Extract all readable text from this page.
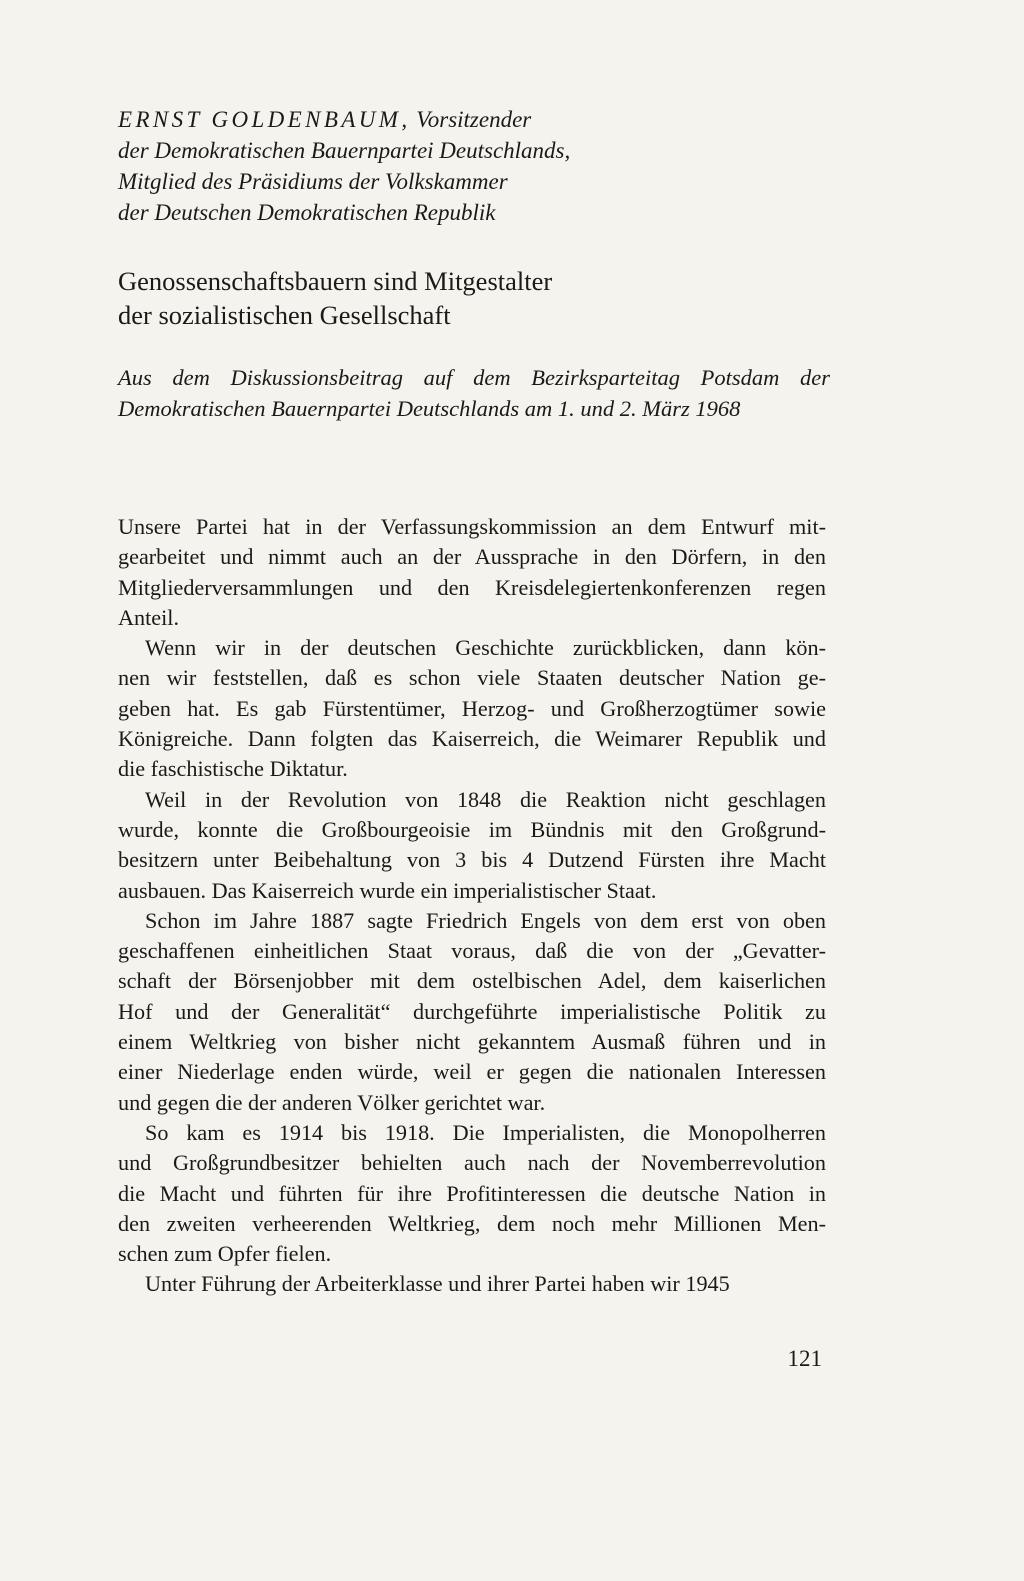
ERNST GOLDENBAUM, Vorsitzender
der Demokratischen Bauernpartei Deutschlands,
Mitglied des Präsidiums der Volkskammer
der Deutschen Demokratischen Republik
Genossenschaftsbauern sind Mitgestalter
der sozialistischen Gesellschaft
Aus dem Diskussionsbeitrag auf dem Bezirksparteitag Potsdam der
Demokratischen Bauernpartei Deutschlands am 1. und 2. März 1968

Unsere Partei hat in der Verfassungskommission an dem Entwurf mit-
gearbeitet und nimmt auch an der Aussprache in den Dörfern, in den
Mitgliederversammlungen und den Kreisdelegiertenkonferenzen regen
Anteil.

Wenn wir in der deutschen Geschichte zurückblicken, dann kön-
nen wir feststellen, daß es schon viele Staaten deutscher Nation ge-
geben hat. Es gab Fürstentümer, Herzog- und Großherzogtümer sowie
Königreiche. Dann folgten das Kaiserreich, die Weimarer Republik und
die faschistische Diktatur.

Weil in der Revolution von 1848 die Reaktion nicht geschlagen
wurde, konnte die Großbourgeoisie im Bündnis mit den Großgrund-
besitzern unter Beibehaltung von 3 bis 4 Dutzend Fürsten ihre Macht
ausbauen. Das Kaiserreich wurde ein imperialistischer Staat.

Schon im Jahre 1887 sagte Friedrich Engels von dem erst von oben
geschaffenen einheitlichen Staat voraus, daß die von der „Gevatter-
schaft der Börsenjobber mit dem ostelbischen Adel, dem kaiserlichen
Hof und der Generalität“ durchgeführte imperialistische Politik zu
einem Weltkrieg von bisher nicht gekanntem Ausmaß führen und in
einer Niederlage enden würde, weil er gegen die nationalen Interessen
und gegen die der anderen Völker gerichtet war.

So kam es 1914 bis 1918. Die Imperialisten, die Monopolherren
und Großgrundbesitzer behielten auch nach der Novemberrevolution
die Macht und führten für ihre Profitinteressen die deutsche Nation in
den zweiten verheerenden Weltkrieg, dem noch mehr Millionen Men-
schen zum Opfer fielen.

Unter Führung der Arbeiterklasse und ihrer Partei haben wir 1945

121
